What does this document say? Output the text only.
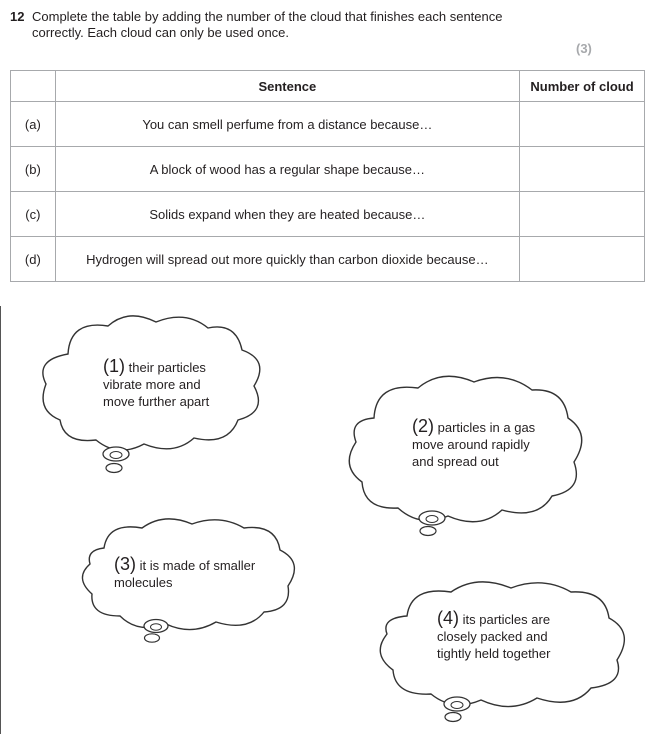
12 Complete the table by adding the number of the cloud that finishes each sentence
correctly. Each cloud can only be used once.
(3)
	Sentence	Number of cloud
(a)	You can smell perfume from a distance because…	
(b)	A block of wood has a regular shape because…	
(c)	Solids expand when they are heated because…	
(d)	Hydrogen will spread out more quickly than carbon dioxide because…	
(1) their particles
vibrate more and
move further apart
(2) particles in a gas
move around rapidly
and spread out
(3) it is made of smaller
molecules
(4) its particles are
closely packed and
tightly held together
